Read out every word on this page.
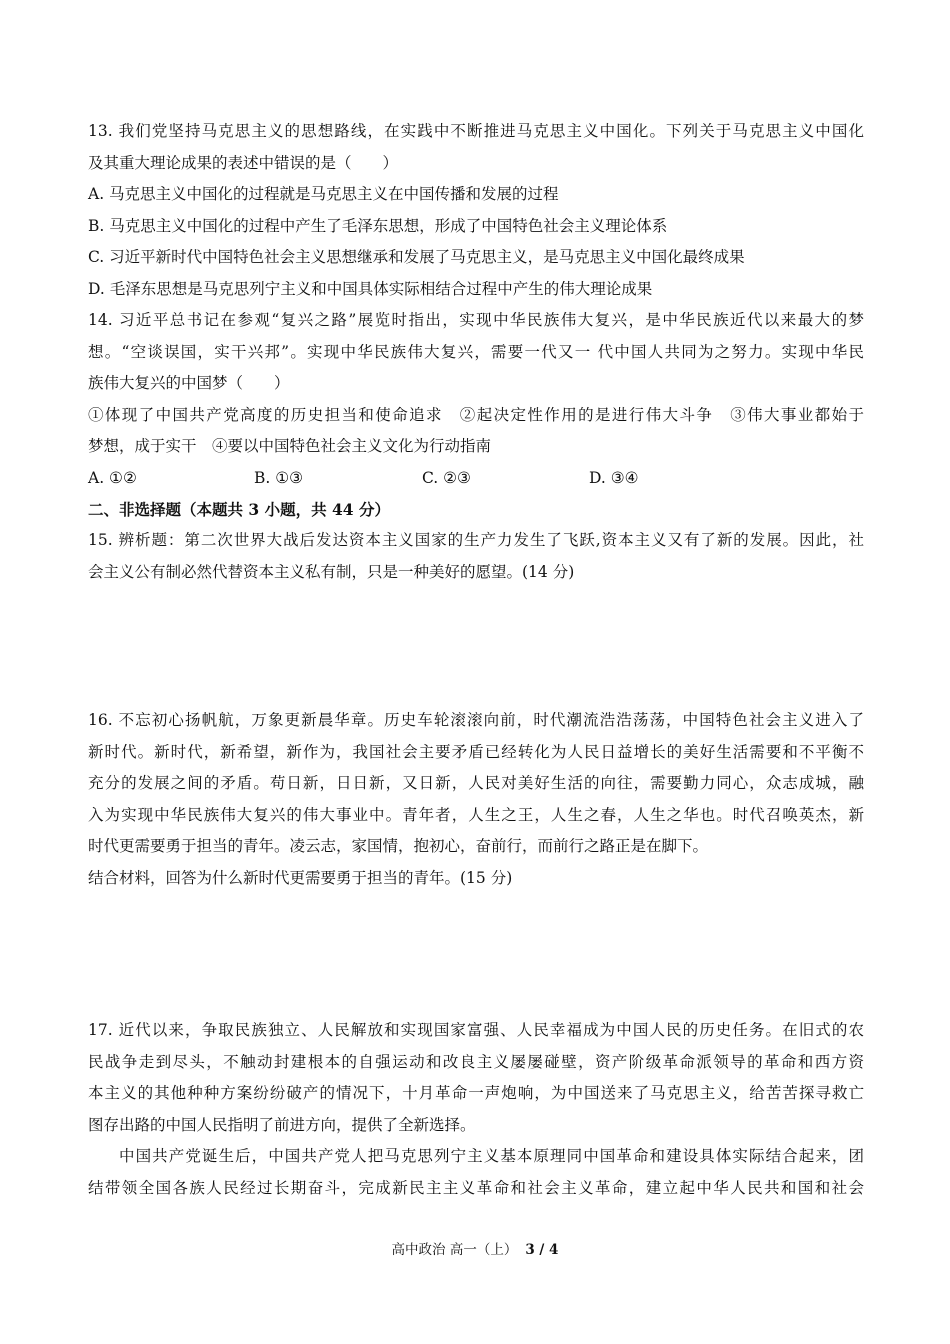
13. 我们党坚持马克思主义的思想路线，在实践中不断推进马克思主义中国化。下列关于马克思主义中国化
及其重大理论成果的表述中错误的是（　　）
A. 马克思主义中国化的过程就是马克思主义在中国传播和发展的过程
B. 马克思主义中国化的过程中产生了毛泽东思想，形成了中国特色社会主义理论体系
C. 习近平新时代中国特色社会主义思想继承和发展了马克思主义，是马克思主义中国化最终成果
D. 毛泽东思想是马克思列宁主义和中国具体实际相结合过程中产生的伟大理论成果
14. 习近平总书记在参观“复兴之路”展览时指出，实现中华民族伟大复兴，是中华民族近代以来最大的梦
想。“空谈误国，实干兴邦”。实现中华民族伟大复兴，需要一代又一 代中国人共同为之努力。实现中华民
族伟大复兴的中国梦（　　）
①体现了中国共产党高度的历史担当和使命追求　②起决定性作用的是进行伟大斗争　③伟大事业都始于
梦想，成于实干　④要以中国特色社会主义文化为行动指南
A. ①②	B. ①③	C. ②③	D. ③④
二、非选择题（本题共 3 小题，共 44 分）
15. 辨析题：第二次世界大战后发达资本主义国家的生产力发生了飞跃,资本主义又有了新的发展。因此，社
会主义公有制必然代替资本主义私有制，只是一种美好的愿望。(14 分)
16. 不忘初心扬帆航，万象更新晨华章。历史车轮滚滚向前，时代潮流浩浩荡荡，中国特色社会主义进入了
新时代。新时代，新希望，新作为，我国社会主要矛盾已经转化为人民日益增长的美好生活需要和不平衡不
充分的发展之间的矛盾。苟日新，日日新，又日新，人民对美好生活的向往，需要勤力同心，众志成城，融
入为实现中华民族伟大复兴的伟大事业中。青年者，人生之王，人生之春，人生之华也。时代召唤英杰，新
时代更需要勇于担当的青年。凌云志，家国情，抱初心，奋前行，而前行之路正是在脚下。
结合材料，回答为什么新时代更需要勇于担当的青年。(15 分)
17. 近代以来，争取民族独立、人民解放和实现国家富强、人民幸福成为中国人民的历史任务。在旧式的农
民战争走到尽头，不触动封建根本的自强运动和改良主义屡屡碰壁，资产阶级革命派领导的革命和西方资
本主义的其他种种方案纷纷破产的情况下，十月革命一声炮响，为中国送来了马克思主义，给苦苦探寻救亡
图存出路的中国人民指明了前进方向，提供了全新选择。
中国共产党诞生后，中国共产党人把马克思列宁主义基本原理同中国革命和建设具体实际结合起来，团
结带领全国各族人民经过长期奋斗，完成新民主主义革命和社会主义革命，建立起中华人民共和国和社会
高中政治 高一（上） 3 / 4
